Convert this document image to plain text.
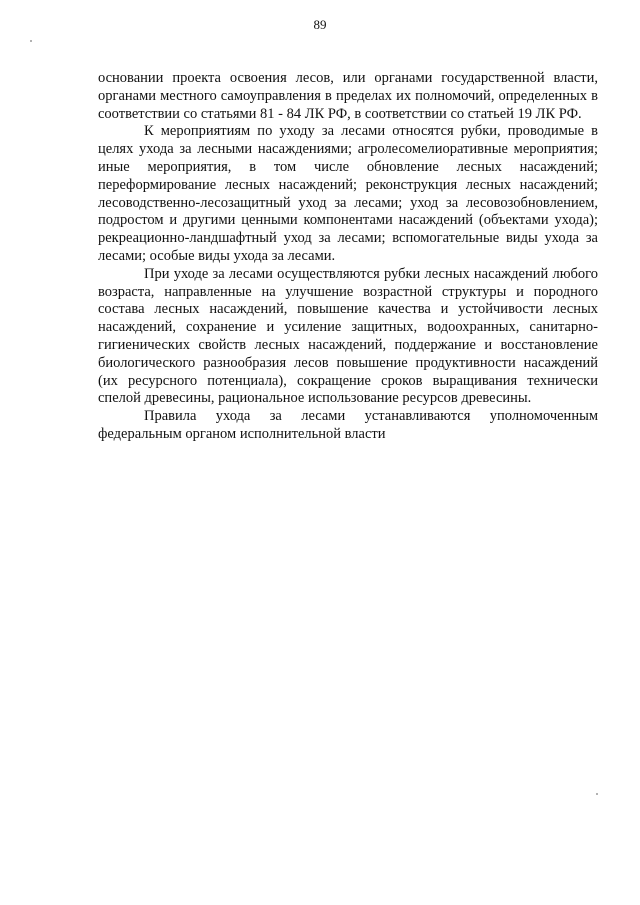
89

основании проекта освоения лесов, или органами государственной власти, органами местного самоуправления в пределах их полномочий, определенных в соответствии со статьями 81 - 84 ЛК РФ, в соответствии со статьей 19 ЛК РФ.

К мероприятиям по уходу за лесами относятся рубки, проводимые в целях ухода за лесными насаждениями; агролесомелиоративные мероприятия; иные мероприятия, в том числе обновление лесных насаждений; переформирование лесных насаждений; реконструкция лесных насаждений; лесоводственно-лесозащитный уход за лесами; уход за лесовозобновлением, подростом и другими ценными компонентами насаждений (объектами ухода); рекреационно-ландшафтный уход за лесами; вспомогательные виды ухода за лесами; особые виды ухода за лесами.

При уходе за лесами осуществляются рубки лесных насаждений любого возраста, направленные на улучшение возрастной структуры и породного состава лесных насаждений, повышение качества и устойчивости лесных насаждений, сохранение и усиление защитных, водоохранных, санитарно-гигиенических свойств лесных насаждений, поддержание и восстановление биологического разнообразия лесов повышение продуктивности насаждений (их ресурсного потенциала), сокращение сроков выращивания технически спелой древесины, рациональное использование ресурсов древесины.

Правила ухода за лесами устанавливаются уполномоченным федеральным органом исполнительной власти
